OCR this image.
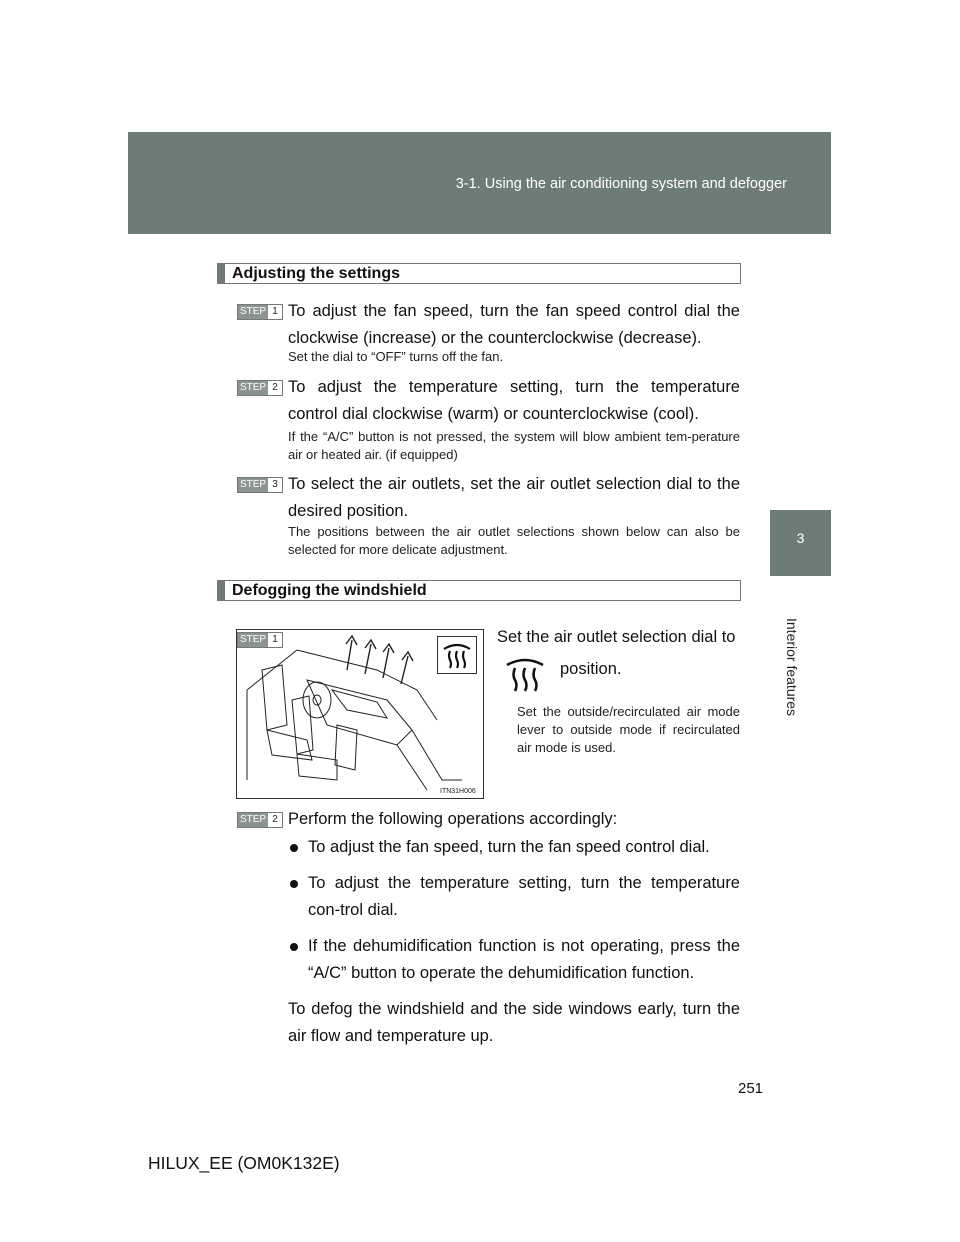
3-1. Using the air conditioning system and defogger
3
Interior features
Adjusting the settings
STEP 1 To adjust the fan speed, turn the fan speed control dial the clockwise (increase) or the counterclockwise (decrease).
Set the dial to “OFF” turns off the fan.
STEP 2 To adjust the temperature setting, turn the temperature control dial clockwise (warm) or counterclockwise (cool).
If the “A/C” button is not pressed, the system will blow ambient tem-perature air or heated air. (if equipped)
STEP 3 To select the air outlets, set the air outlet selection dial to the desired position.
The positions between the air outlet selections shown below can also be selected for more delicate adjustment.
Defogging the windshield
ITN31H006
STEP 1	Set the air outlet selection dial to
position.
Set the outside/recirculated air mode lever to outside mode if recirculated air mode is used.
STEP 2 Perform the following operations accordingly:
To adjust the fan speed, turn the fan speed control dial.
To adjust the temperature setting, turn the temperature con-trol dial.
If the dehumidification function is not operating, press the “A/C” button to operate the dehumidification function.
To defog the windshield and the side windows early, turn the air flow and temperature up.
251
HILUX_EE (OM0K132E)
